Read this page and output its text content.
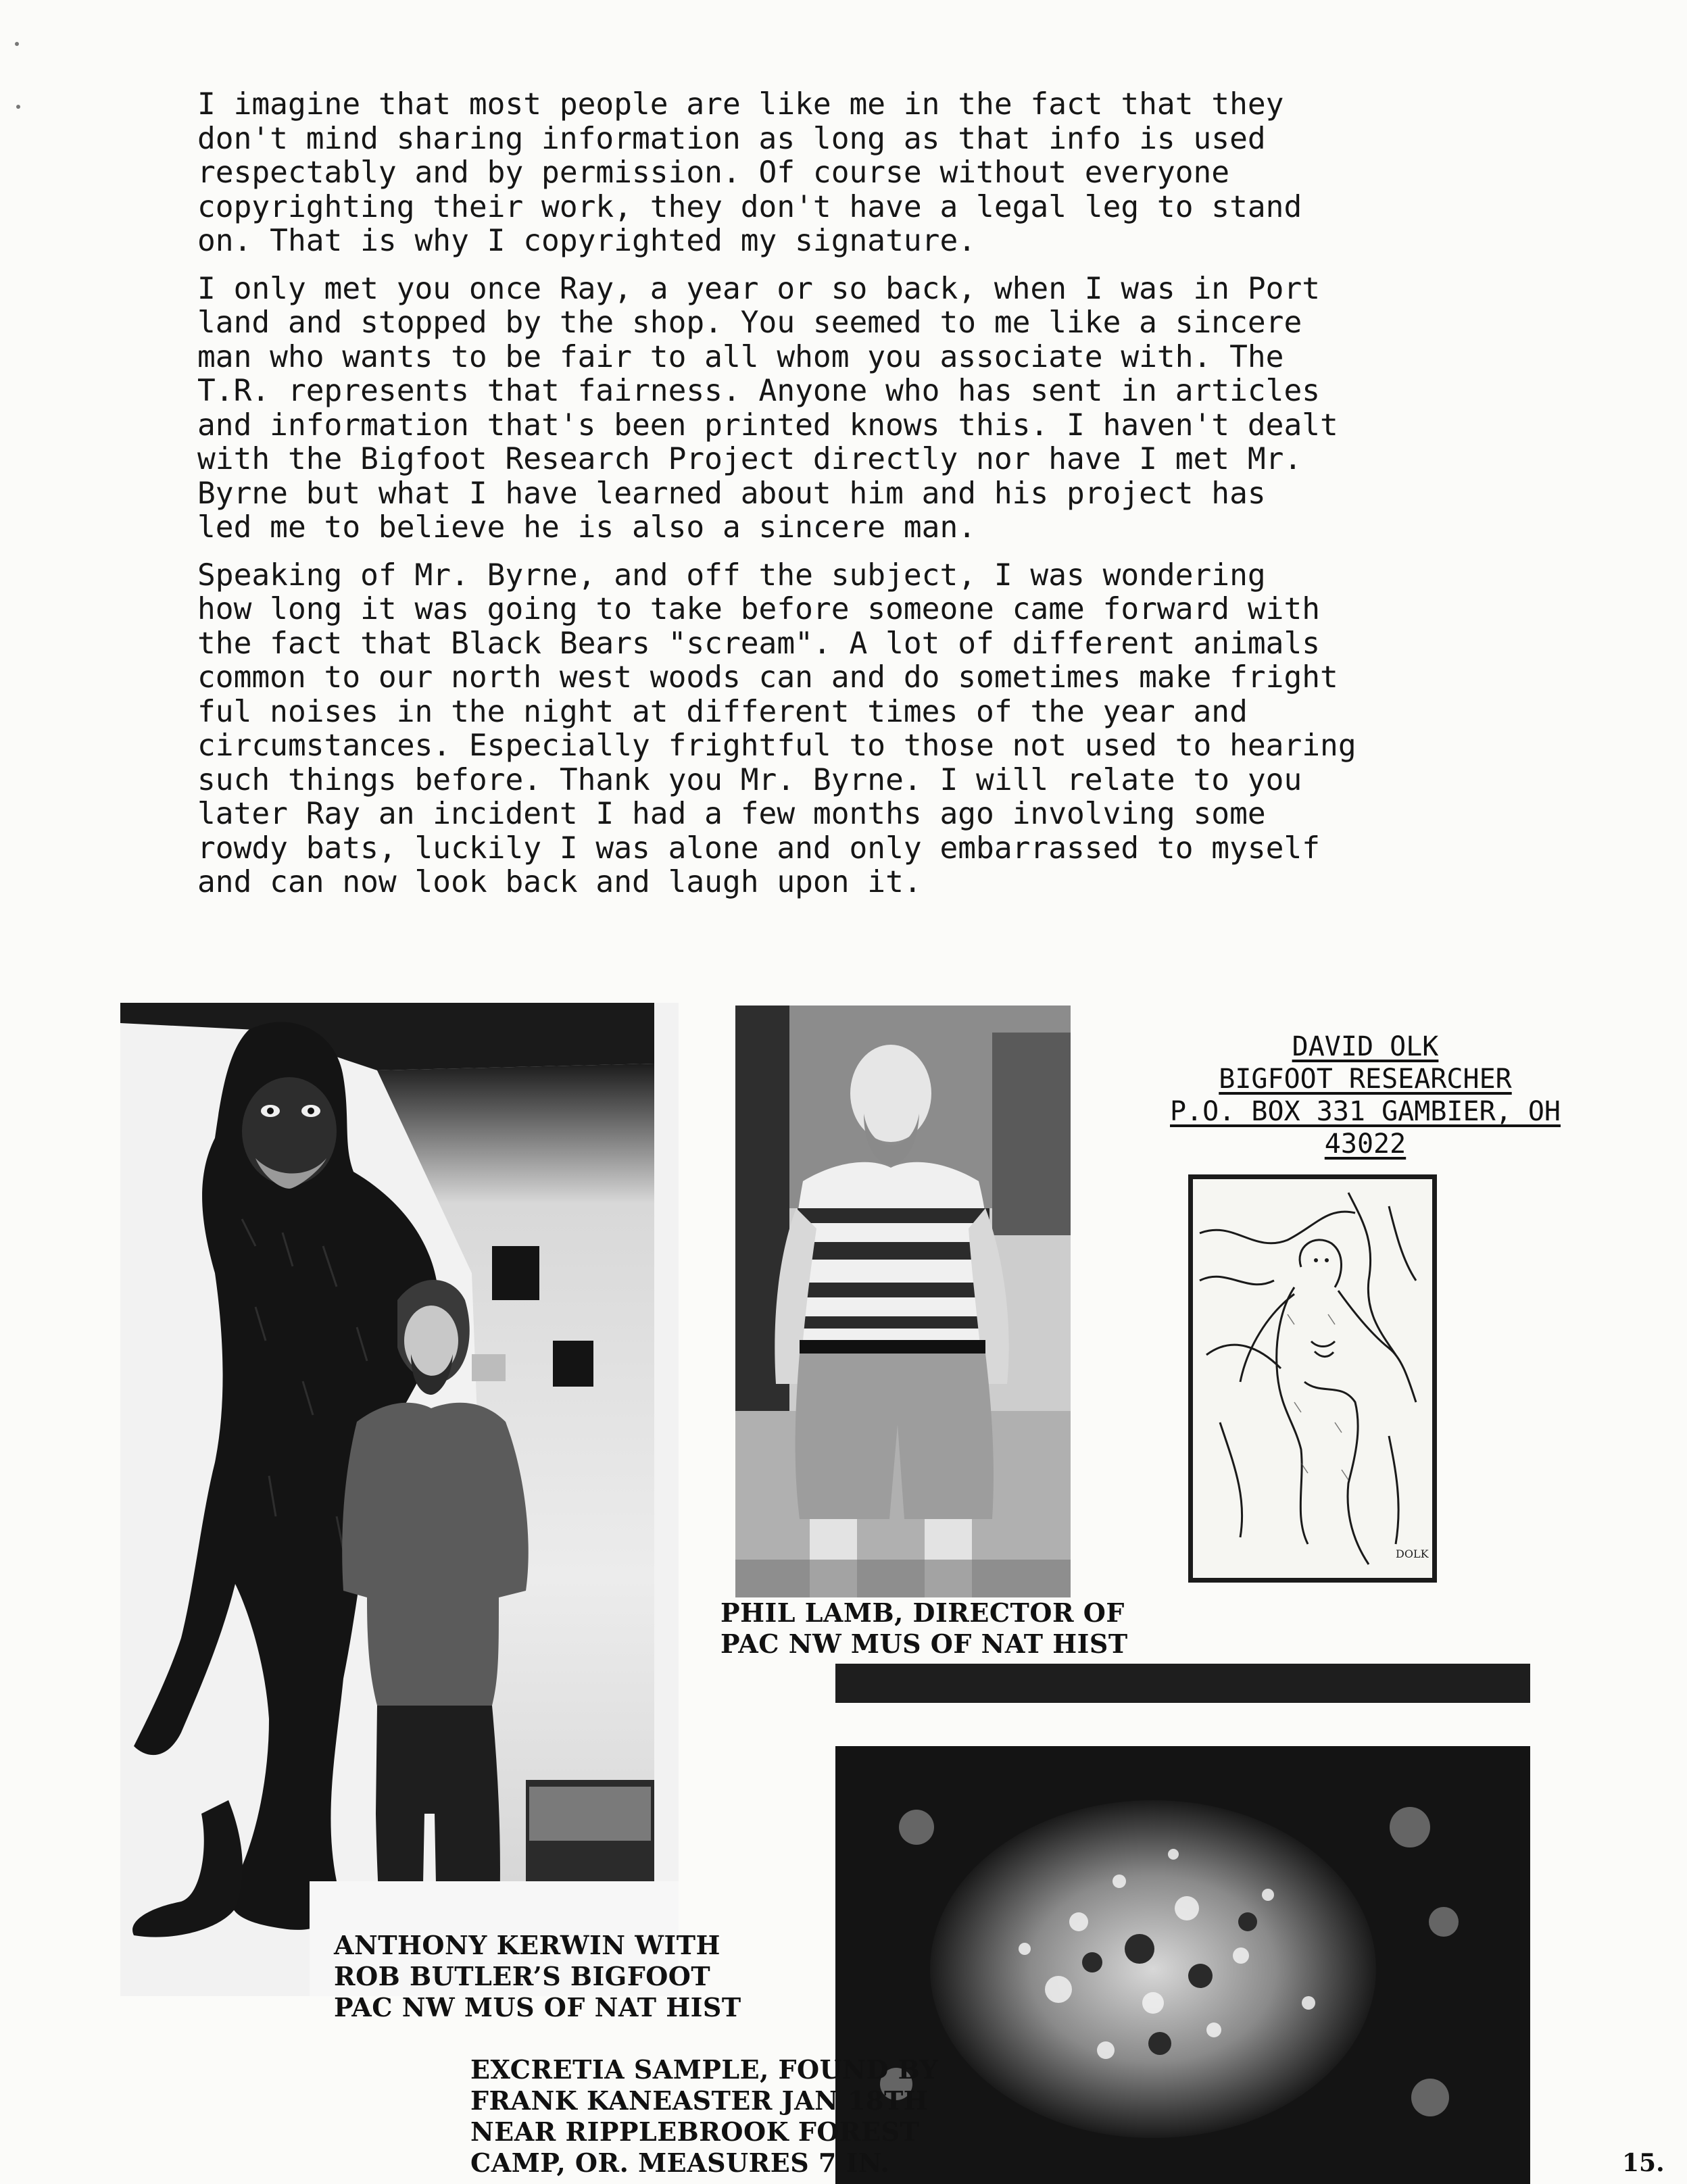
I imagine that most people are like me in the fact that they
don't mind sharing information as long as that info is used
respectably and by permission. Of course without everyone
copyrighting their work, they don't have a legal leg to stand
on. That is why I copyrighted my signature.

I only met you once Ray, a year or so back, when I was in Port
land and stopped by the shop. You seemed to me like a sincere
man who wants to be fair to all whom you associate with. The
T.R. represents that fairness. Anyone who has sent in articles
and information that's been printed knows this. I haven't dealt
with the Bigfoot Research Project directly nor have I met Mr.
Byrne but what I have learned about him and his project has
led me to believe he is also a sincere man.

Speaking of Mr. Byrne, and off the subject, I was wondering
how long it was going to take before someone came forward with
the fact that Black Bears "scream". A lot of different animals
common to our north west woods can and do sometimes make fright
ful noises in the night at different times of the year and
circumstances. Especially frightful to those not used to hearing
such things before. Thank you Mr. Byrne. I will relate to you
later Ray an incident I had a few months ago involving some
rowdy bats, luckily I was alone and only embarrassed to myself
and can now look back and laugh upon it.

ANTHONY KERWIN WITH
ROB BUTLER’S BIGFOOT
PAC NW MUS OF NAT HIST
PHIL LAMB, DIRECTOR OF
PAC NW MUS OF NAT HIST
EXCRETIA SAMPLE, FOUND BY
FRANK KANEASTER JAN 18TH
NEAR RIPPLEBROOK FOREST
CAMP, OR. MEASURES 7 IN.
DAVID OLK
BIGFOOT RESEARCHER
P.O. BOX 331 GAMBIER, OH
43022
DOLK
15.
